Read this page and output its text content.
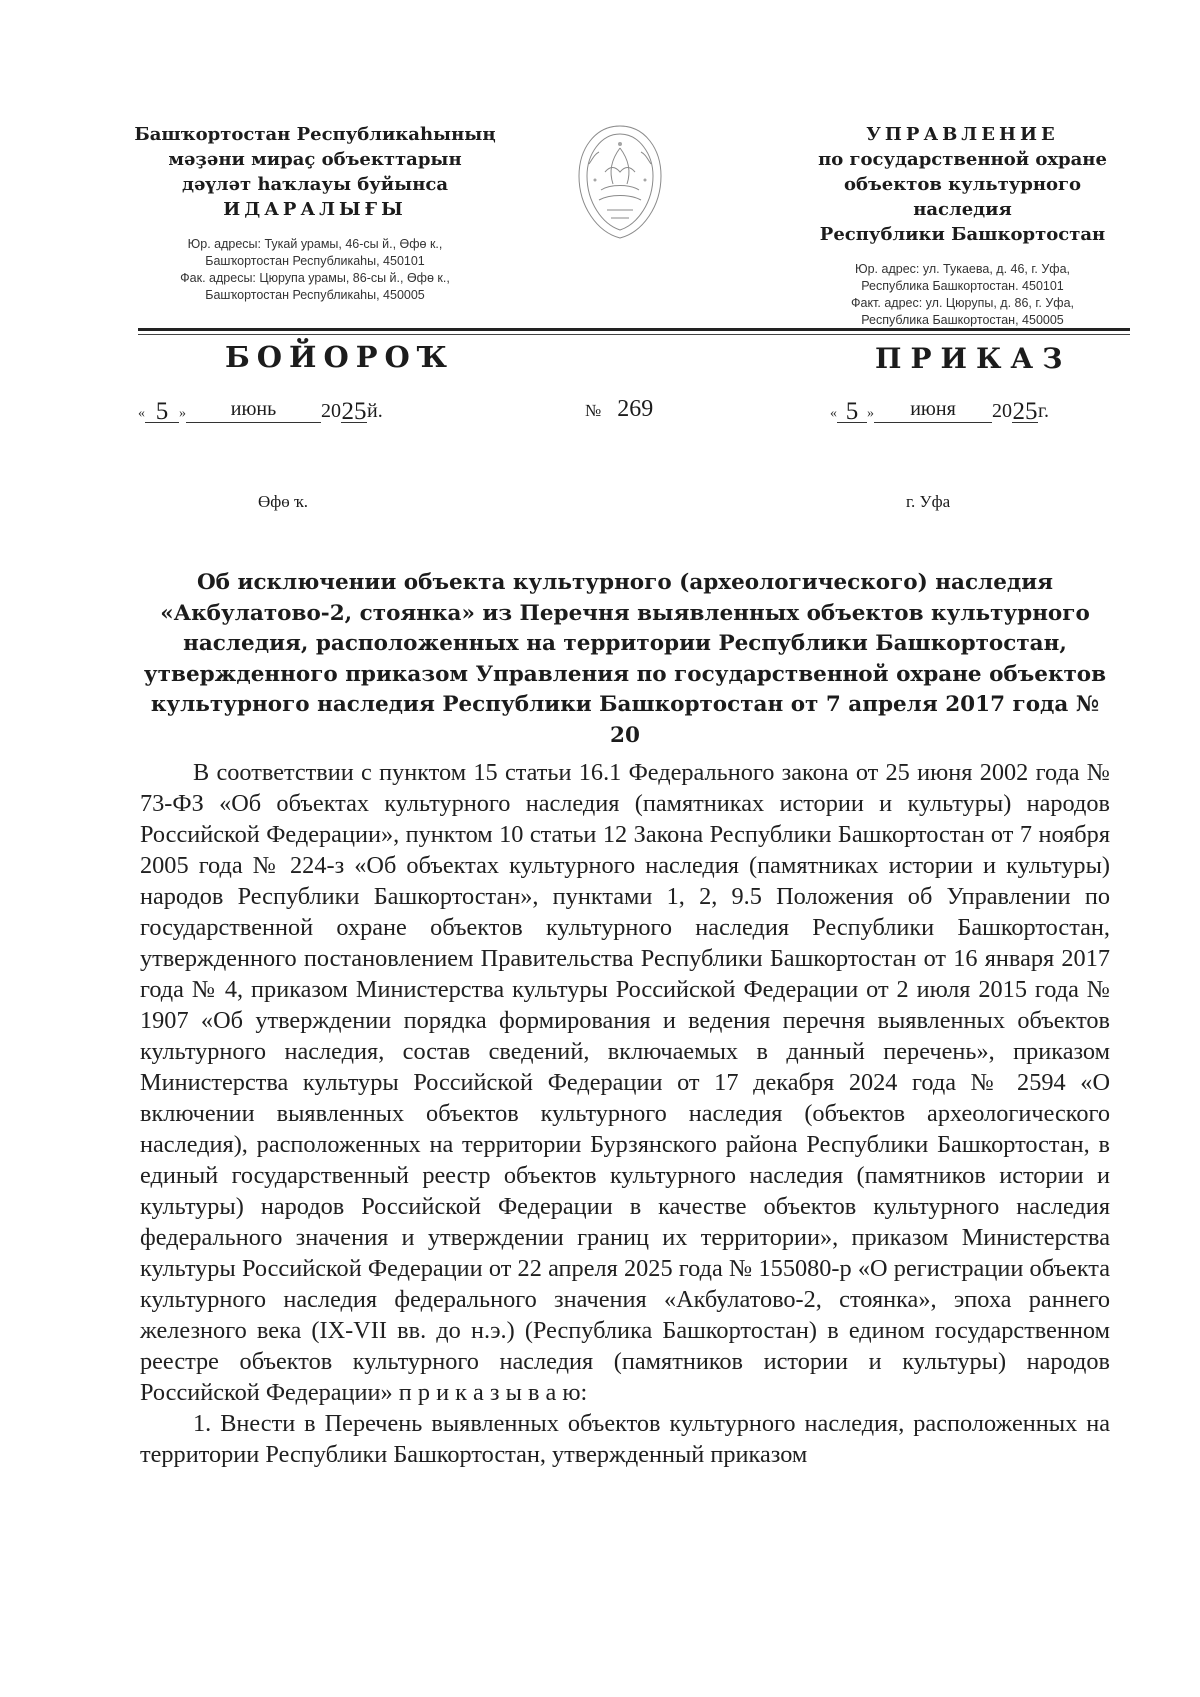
Башҡортостан Республикаһының
мәҙәни мираҫ объекттарын
дәүләт һаҡлауы буйынса
ИДАРАЛЫҒЫ
Юр. адресы: Тукай урамы, 46-сы й., Өфө к.,
Башҡортостан Республикаһы, 450101
Фак. адресы: Цюрупа урамы, 86-сы й., Өфө к.,
Башҡортостан Республикаһы, 450005
УПРАВЛЕНИЕ
по государственной охране
объектов культурного наследия
Республики Башкортостан
Юр. адрес: ул. Тукаева, д. 46, г. Уфа,
Республика Башкортостан. 450101
Факт. адрес: ул. Цюрупы, д. 86, г. Уфа,
Республика Башкортостан, 450005
БОЙОРОҠ	ПРИКАЗ
« 5 » июнь 2025й.	№ 269	« 5 » июня 2025г.
Өфө ҡ.	г. Уфа
Об исключении объекта культурного (археологического) наследия
«Акбулатово-2, стоянка» из Перечня выявленных объектов культурного
наследия, расположенных на территории Республики Башкортостан,
утвержденного приказом Управления по государственной охране объектов
культурного наследия Республики Башкортостан от 7 апреля 2017 года № 20

В соответствии с пунктом 15 статьи 16.1 Федерального закона от 25 июня 2002 года № 73-ФЗ «Об объектах культурного наследия (памятниках истории и культуры) народов Российской Федерации», пунктом 10 статьи 12 Закона Республики Башкортостан от 7 ноября 2005 года № 224-з «Об объектах культурного наследия (памятниках истории и культуры) народов Республики Башкортостан», пунктами 1, 2, 9.5 Положения об Управлении по государственной охране объектов культурного наследия Республики Башкортостан, утвержденного постановлением Правительства Республики Башкортостан от 16 января 2017 года № 4, приказом Министерства культуры Российской Федерации от 2 июля 2015 года № 1907 «Об утверждении порядка формирования и ведения перечня выявленных объектов культурного наследия, состав сведений, включаемых в данный перечень», приказом Министерства культуры Российской Федерации от 17 декабря 2024 года № 2594 «О включении выявленных объектов культурного наследия (объектов археологического наследия), расположенных на территории Бурзянского района Республики Башкортостан, в единый государственный реестр объектов культурного наследия (памятников истории и культуры) народов Российской Федерации в качестве объектов культурного наследия федерального значения и утверждении границ их территории», приказом Министерства культуры Российской Федерации от 22 апреля 2025 года № 155080-р «О регистрации объекта культурного наследия федерального значения «Акбулатово-2, стоянка», эпоха раннего железного века (IX-VII вв. до н.э.) (Республика Башкортостан) в едином государственном реестре объектов культурного наследия (памятников истории и культуры) народов Российской Федерации» п р и к а з ы в а ю:

1. Внести в Перечень выявленных объектов культурного наследия, расположенных на территории Республики Башкортостан, утвержденный приказом
